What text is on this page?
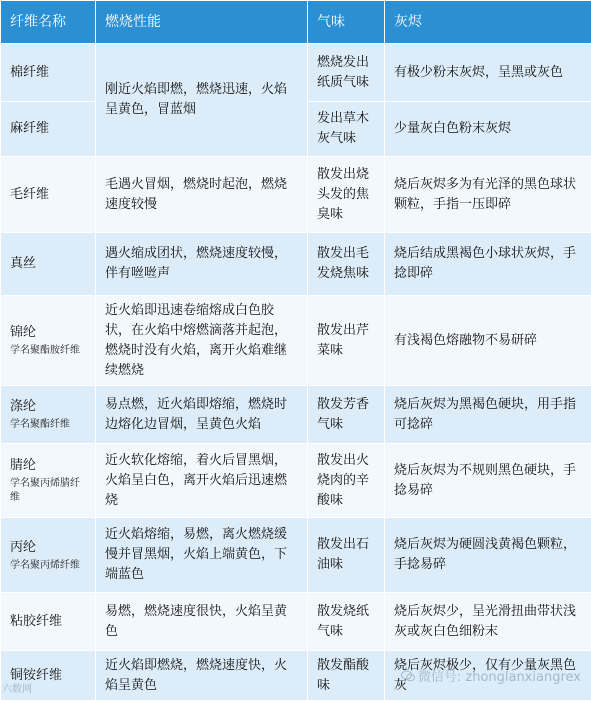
纤维名称	燃烧性能	气味	灰烬

棉纤维	刚近火焰即燃，燃烧迅速，火焰呈黄色，冒蓝烟	燃烧发出纸质气味	有极少粉末灰烬，呈黑或灰色

麻纤维		发出草木灰气味	少量灰白色粉末灰烬

毛纤维	毛遇火冒烟，燃烧时起泡，燃烧速度较慢	散发出烧头发的焦臭味	烧后灰烬多为有光泽的黑色球状颗粒，手指一压即碎

真丝	遇火缩成团状，燃烧速度较慢，伴有咝咝声	散发出毛发烧焦味	烧后结成黑褐色小球状灰烬，手捻即碎

锦纶
学名聚酯胺纤维	近火焰即迅速卷缩熔成白色胶状，在火焰中熔燃滴落并起泡，燃烧时没有火焰，离开火焰难继续燃烧	散发出芹菜味	有浅褐色熔融物不易研碎

涤纶
学名聚酯纤维	易点燃，近火焰即熔缩，燃烧时边熔化边冒烟，呈黄色火焰	散发芳香气味	烧后灰烬为黑褐色硬块，用手指可捻碎

腈纶
学名聚丙烯腈纤维	近火软化熔缩，着火后冒黑烟，火焰呈白色，离开火焰后迅速燃烧	散发出火烧肉的辛酸味	烧后灰烬为不规则黑色硬块，手捻易碎

丙纶
学名聚丙烯纤维	近火焰熔缩，易燃，离火燃烧缓慢并冒黑烟，火焰上端黄色，下端蓝色	散发出石油味	烧后灰烬为硬圆浅黄褐色颗粒，手捻易碎

粘胶纤维	易燃，燃烧速度很快，火焰呈黄色	散发烧纸气味	烧后灰烬少，呈光滑扭曲带状浅灰或灰白色细粉末

铜铵纤维	近火焰即燃烧，燃烧速度快，火焰呈黄色	散发酯酸味	烧后灰烬极少，仅有少量灰黑色灰 微信号: zhonglanxiangrex
六数网
